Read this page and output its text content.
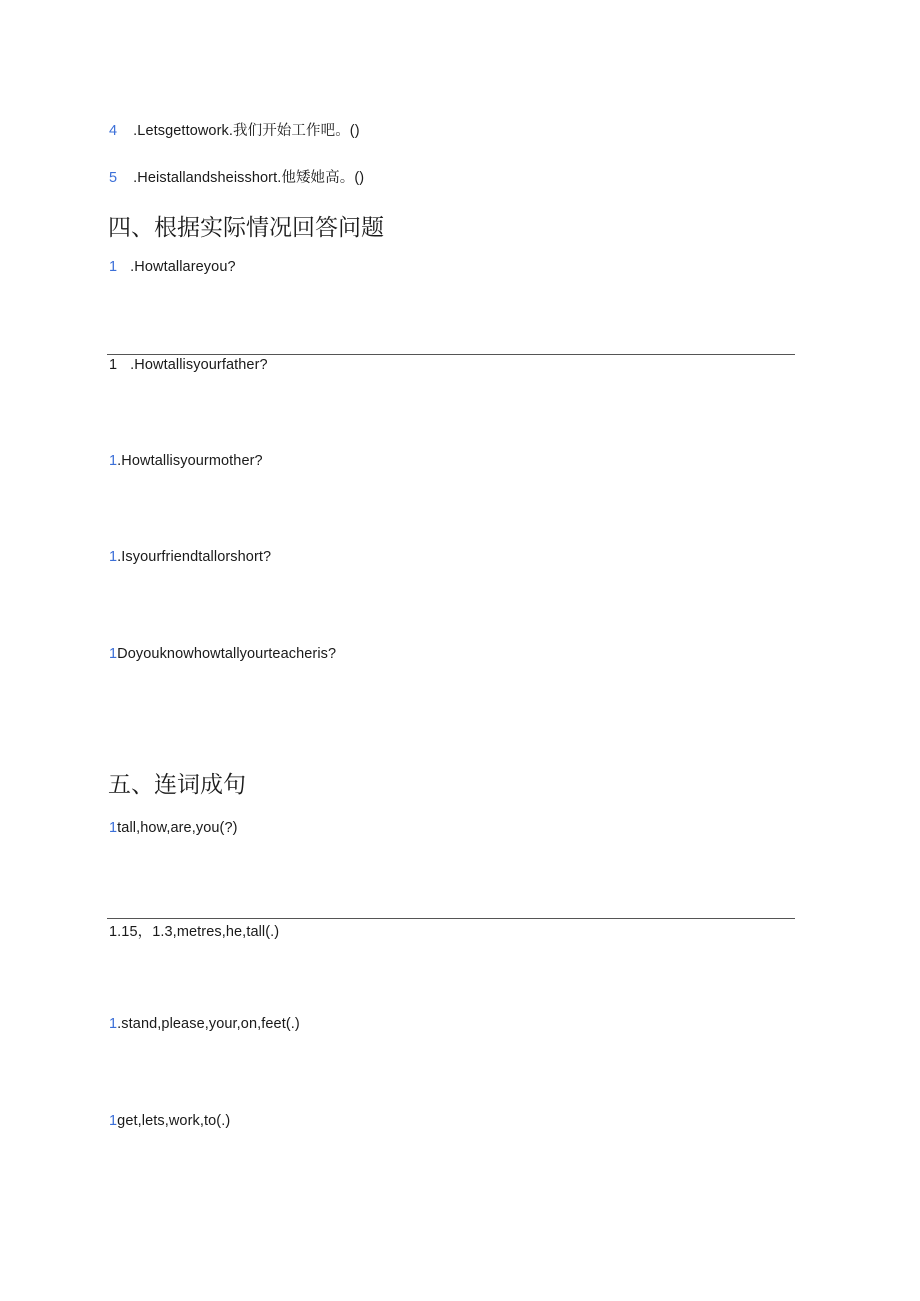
4 .Letsgettowork.我们开始工作吧。()
5 .Heistallandsheisshort.他矮她高。()
四、根据实际情况回答问题
1 .Howtallareyou?
1 .Howtallisyourfather?
1.Howtallisyourmother?
1.Isyourfriendtallorshort?
1Doyouknowhowtallyourteacheris?
五、连词成句
1tall,how,are,you(?)
1.15，1.3,metres,he,tall(.)
1.stand,please,your,on,feet(.)
1get,lets,work,to(.)
